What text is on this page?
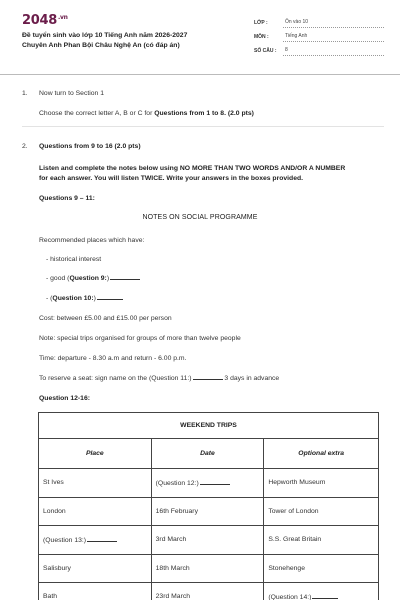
$2048^{.vn}$
Đề tuyển sinh vào lớp 10 Tiếng Anh năm 2026-2027
Chuyên Anh Phan Bội Châu Nghệ An (có đáp án)
LỚP :	Ôn vào 10
MÔN :	Tiếng Anh
SỐ CÂU :	8
1. Now turn to Section 1
Choose the correct letter A, B or C for Questions from 1 to 8. (2.0 pts)
2. Questions from 9 to 16 (2.0 pts)
Listen and complete the notes below using NO MORE THAN TWO WORDS AND/OR A NUMBER
for each answer. You will listen TWICE. Write your answers in the boxes provided.
Questions 9 – 11:
NOTES ON SOCIAL PROGRAMME
Recommended places which have:
- historical interest
- good (Question 9:)
- (Question 10:)
Cost: between £5.00 and £15.00 per person
Note: special trips organised for groups of more than twelve people
Time: departure - 8.30 a.m and return - 6.00 p.m.
To reserve a seat: sign name on the (Question 11:)	3 days in advance
Question 12-16:
WEEKEND TRIPS		
Place	Date	Optional extra
St Ives	(Question 12:)	Hepworth Museum
London	16th February	Tower of London
(Question 13:)	3rd March	S.S. Great Britain
Salisbury	18th March	Stonehenge
Bath	23rd March	(Question 14:)
